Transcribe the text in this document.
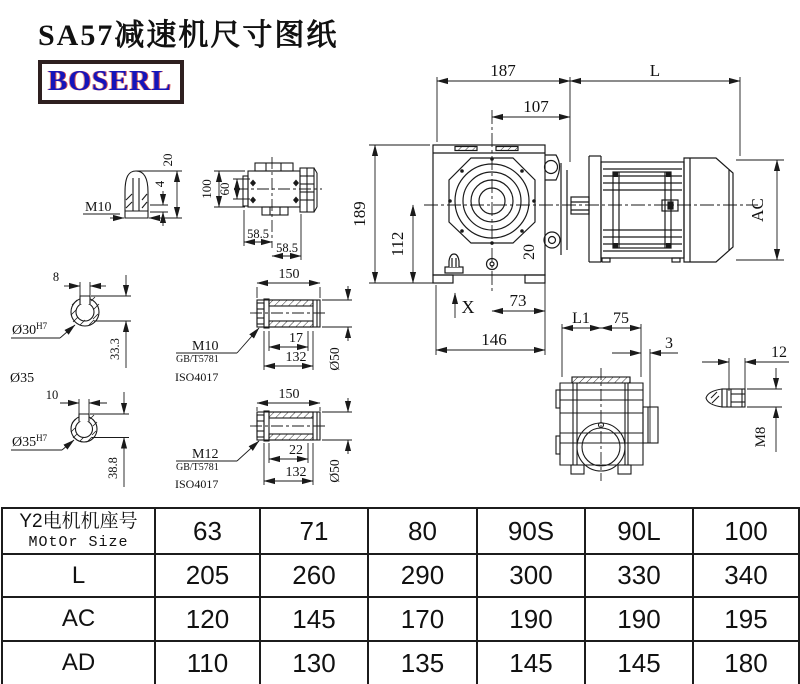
SA57减速机尺寸图纸
BOSERL	187	L
107
189
112	20
73
146
X
AC
M10
4
20
100 60
58.5
58.5
8
$Ø30^{H7}$
33.3
Ø35
150
M10
GB/T5781
ISO4017
17
132 Ø50
10
$Ø35^{H7}$
38.8
150
M12
GB/T5781
ISO4017
22
132 Ø50
L1 75
3
12
M8
Y2电机机座号
MOtOr Size	63	71	80	90S	90L	100
L	205	260	290	300	330	340
AC	120	145	170	190	190	195
AD	110	130	135	145	145	180
